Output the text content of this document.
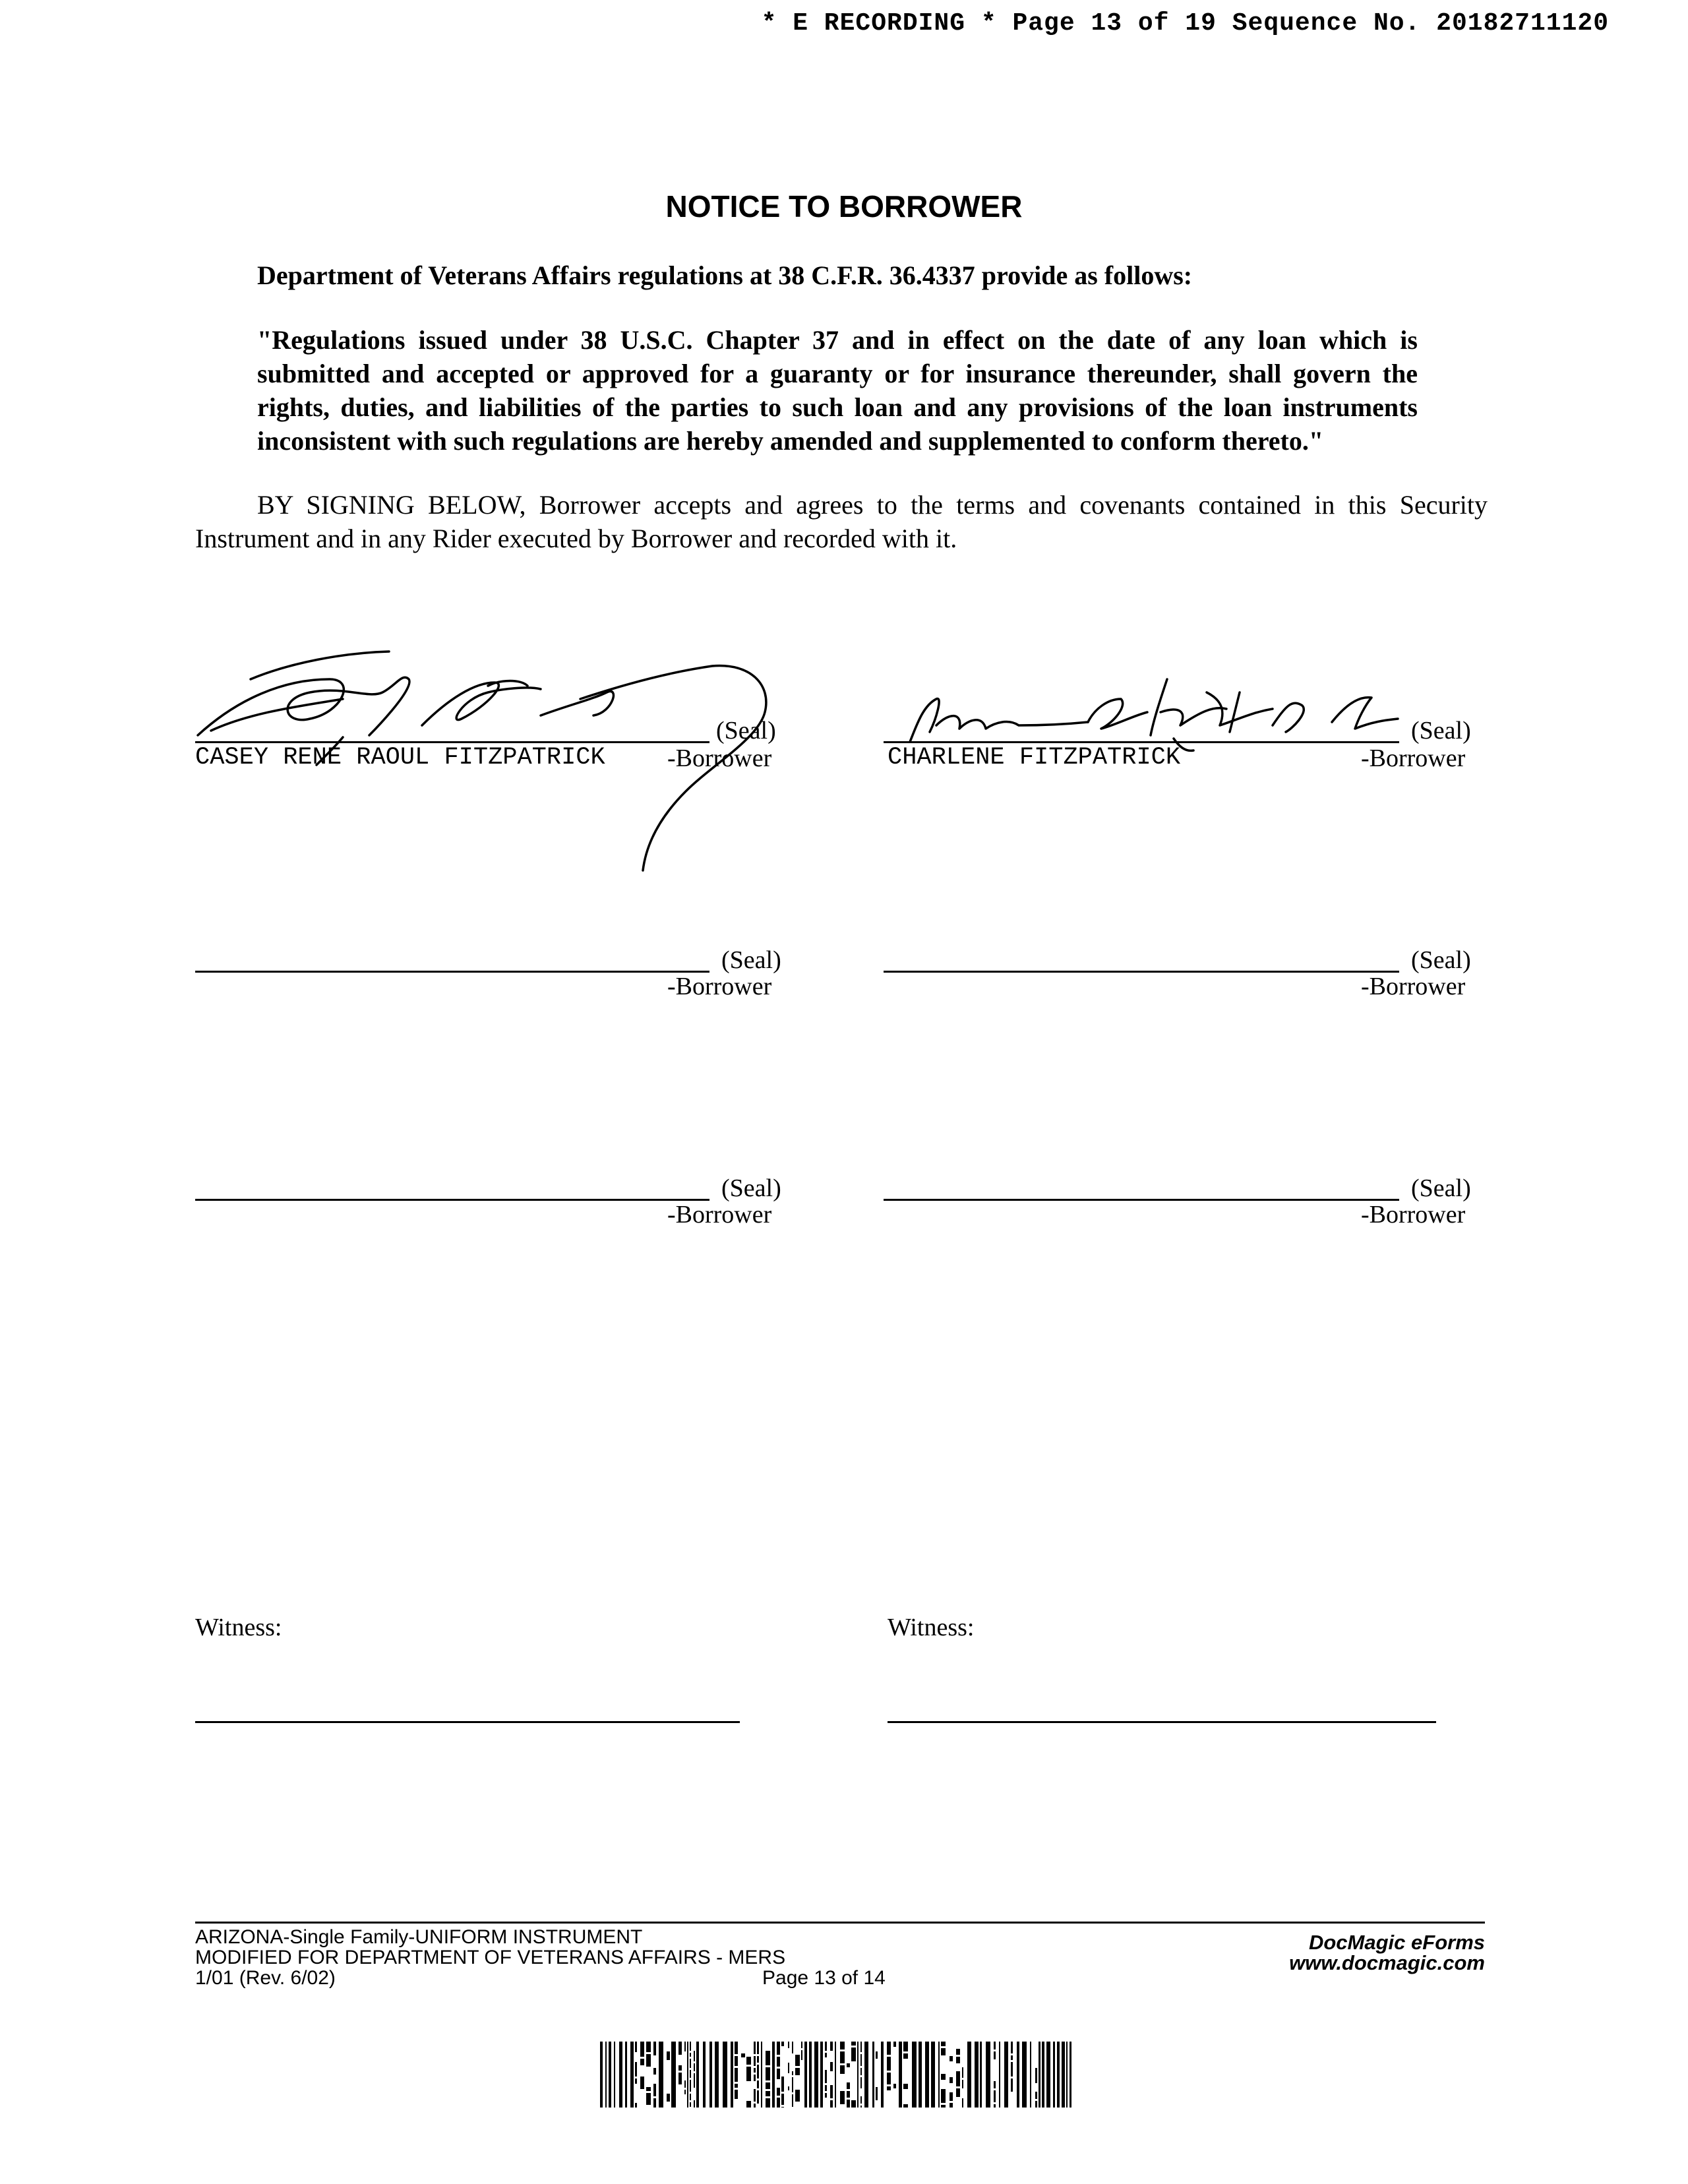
* E RECORDING * Page 13 of 19 Sequence No. 20182711120
NOTICE TO BORROWER
Department of Veterans Affairs regulations at 38 C.F.R. 36.4337 provide as follows:
"Regulations issued under 38 U.S.C. Chapter 37 and in effect on the date of any loan which is
submitted and accepted or approved for a guaranty or for insurance thereunder, shall govern the
rights, duties, and liabilities of the parties to such loan and any provisions of the loan instruments
inconsistent with such regulations are hereby amended and supplemented to conform thereto."
BY SIGNING BELOW, Borrower accepts and agrees to the terms and covenants contained in this Security Instrument and in any Rider executed by Borrower and recorded with it.
(Seal)
CASEY RENE RAOUL FITZPATRICK -Borrower
(Seal)
CHARLENE FITZPATRICK	-Borrower
(Seal)
-Borrower
(Seal)
-Borrower
(Seal)
-Borrower
(Seal)
-Borrower
Witness:	Witness:
ARIZONA-Single Family-UNIFORM INSTRUMENT
MODIFIED FOR DEPARTMENT OF VETERANS AFFAIRS - MERS
1/01 (Rev. 6/02)	Page 13 of 14
DocMagic eForms
www.docmagic.com
